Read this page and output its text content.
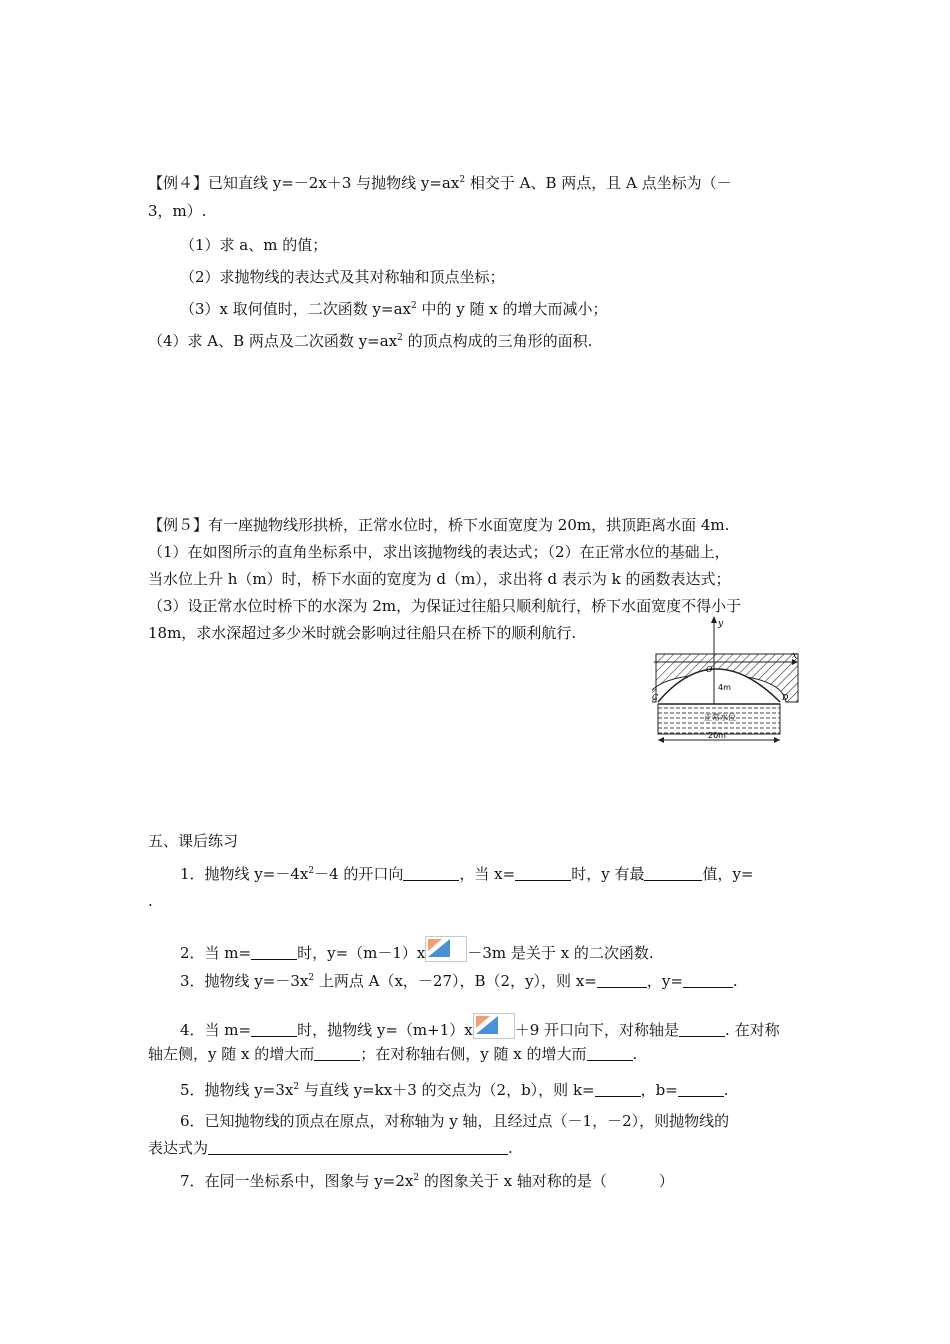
【例４】已知直线 y=－2x＋3 与抛物线 $y=ax^2$ 相交于 A、B 两点，且 A 点坐标为（－
3，m）.
（1）求 a、m 的值；
（2）求抛物线的表达式及其对称轴和顶点坐标；
（3）x 取何值时，二次函数 $y=ax^2$ 中的 y 随 x 的增大而减小；
（4）求 A、B 两点及二次函数 $y=ax^2$ 的顶点构成的三角形的面积.
【例５】有一座抛物线形拱桥，正常水位时，桥下水面宽度为 20m，拱顶距离水面 4m.
（1）在如图所示的直角坐标系中，求出该抛物线的表达式；（2）在正常水位的基础上，
当水位上升 h（m）时，桥下水面的宽度为 d（m），求出将 d 表示为 k 的函数表达式；
（3）设正常水位时桥下的水深为 2m，为保证过往船只顺利航行，桥下水面宽度不得小于
18m，求水深超过多少米时就会影响过往船只在桥下的顺利航行.	y
x
O
C	D
4m
正常水位
20m
五、课后练习
1．抛物线 $y=-4x^2-4$ 的开口向	，当 x=	时，y 有最	值，y=
.
2．当 m=	时，y=（m－1）x	－3m 是关于 x 的二次函数.
3．抛物线 $y=-3x^2$ 上两点 A（x，－27），B（2，y），则 x=	，y=	.
4．当 m=	时，抛物线 y=（m+1）x	＋9 开口向下，对称轴是	. 在对称
轴左侧，y 随 x 的增大而	；在对称轴右侧，y 随 x 的增大而	.
5．抛物线 $y=3x^2$ 与直线 y=kx＋3 的交点为（2，b），则 k=	，b=	.
6．已知抛物线的顶点在原点，对称轴为 y 轴，且经过点（－1，－2），则抛物线的
表达式为	.
7．在同一坐标系中，图象与 $y=2x^2$ 的图象关于 x 轴对称的是（	）
